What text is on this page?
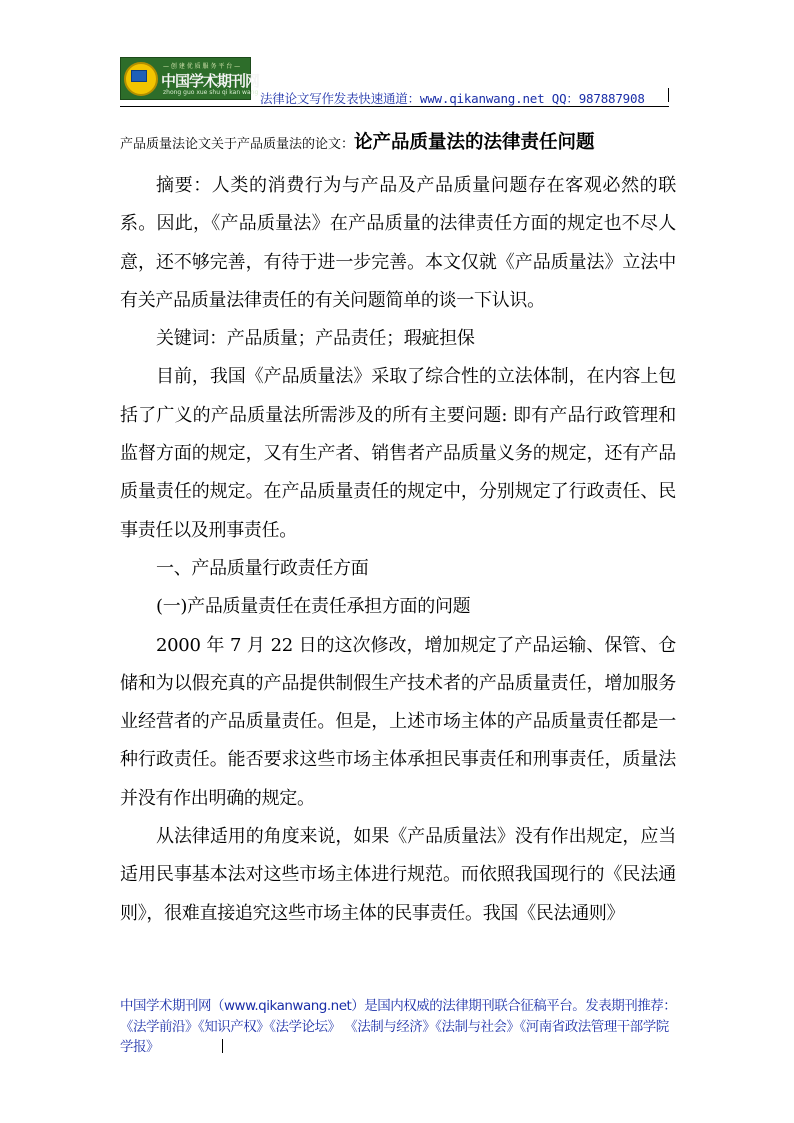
— 创 建 优 质 服 务 平 台 —
中国学术期刊网
zhong guo xue shu qi kan wang 法律论文写作发表快速通道：www.qikanwang.net QQ：987887908
产品质量法论文关于产品质量法的论文：论产品质量法的法律责任问题

摘要：人类的消费行为与产品及产品质量问题存在客观必然的联系。因此，《产品质量法》在产品质量的法律责任方面的规定也不尽人意，还不够完善，有待于进一步完善。本文仅就《产品质量法》立法中有关产品质量法律责任的有关问题简单的谈一下认识。

关键词：产品质量；产品责任；瑕疵担保

目前，我国《产品质量法》采取了综合性的立法体制，在内容上包括了广义的产品质量法所需涉及的所有主要问题: 即有产品行政管理和监督方面的规定，又有生产者、销售者产品质量义务的规定，还有产品质量责任的规定。在产品质量责任的规定中，分别规定了行政责任、民事责任以及刑事责任。

一、产品质量行政责任方面

(一)产品质量责任在责任承担方面的问题

2000 年 7 月 22 日的这次修改，增加规定了产品运输、保管、仓储和为以假充真的产品提供制假生产技术者的产品质量责任，增加服务业经营者的产品质量责任。但是，上述市场主体的产品质量责任都是一种行政责任。能否要求这些市场主体承担民事责任和刑事责任，质量法并没有作出明确的规定。

从法律适用的角度来说，如果《产品质量法》没有作出规定，应当适用民事基本法对这些市场主体进行规范。而依照我国现行的《民法通则》，很难直接追究这些市场主体的民事责任。我国《民法通则》

中国学术期刊网（www.qikanwang.net）是国内权威的法律期刊联合征稿平台。发表期刊推荐：《法学前沿》《知识产权》《法学论坛》 《法制与经济》《法制与社会》《河南省政法管理干部学院学报》
